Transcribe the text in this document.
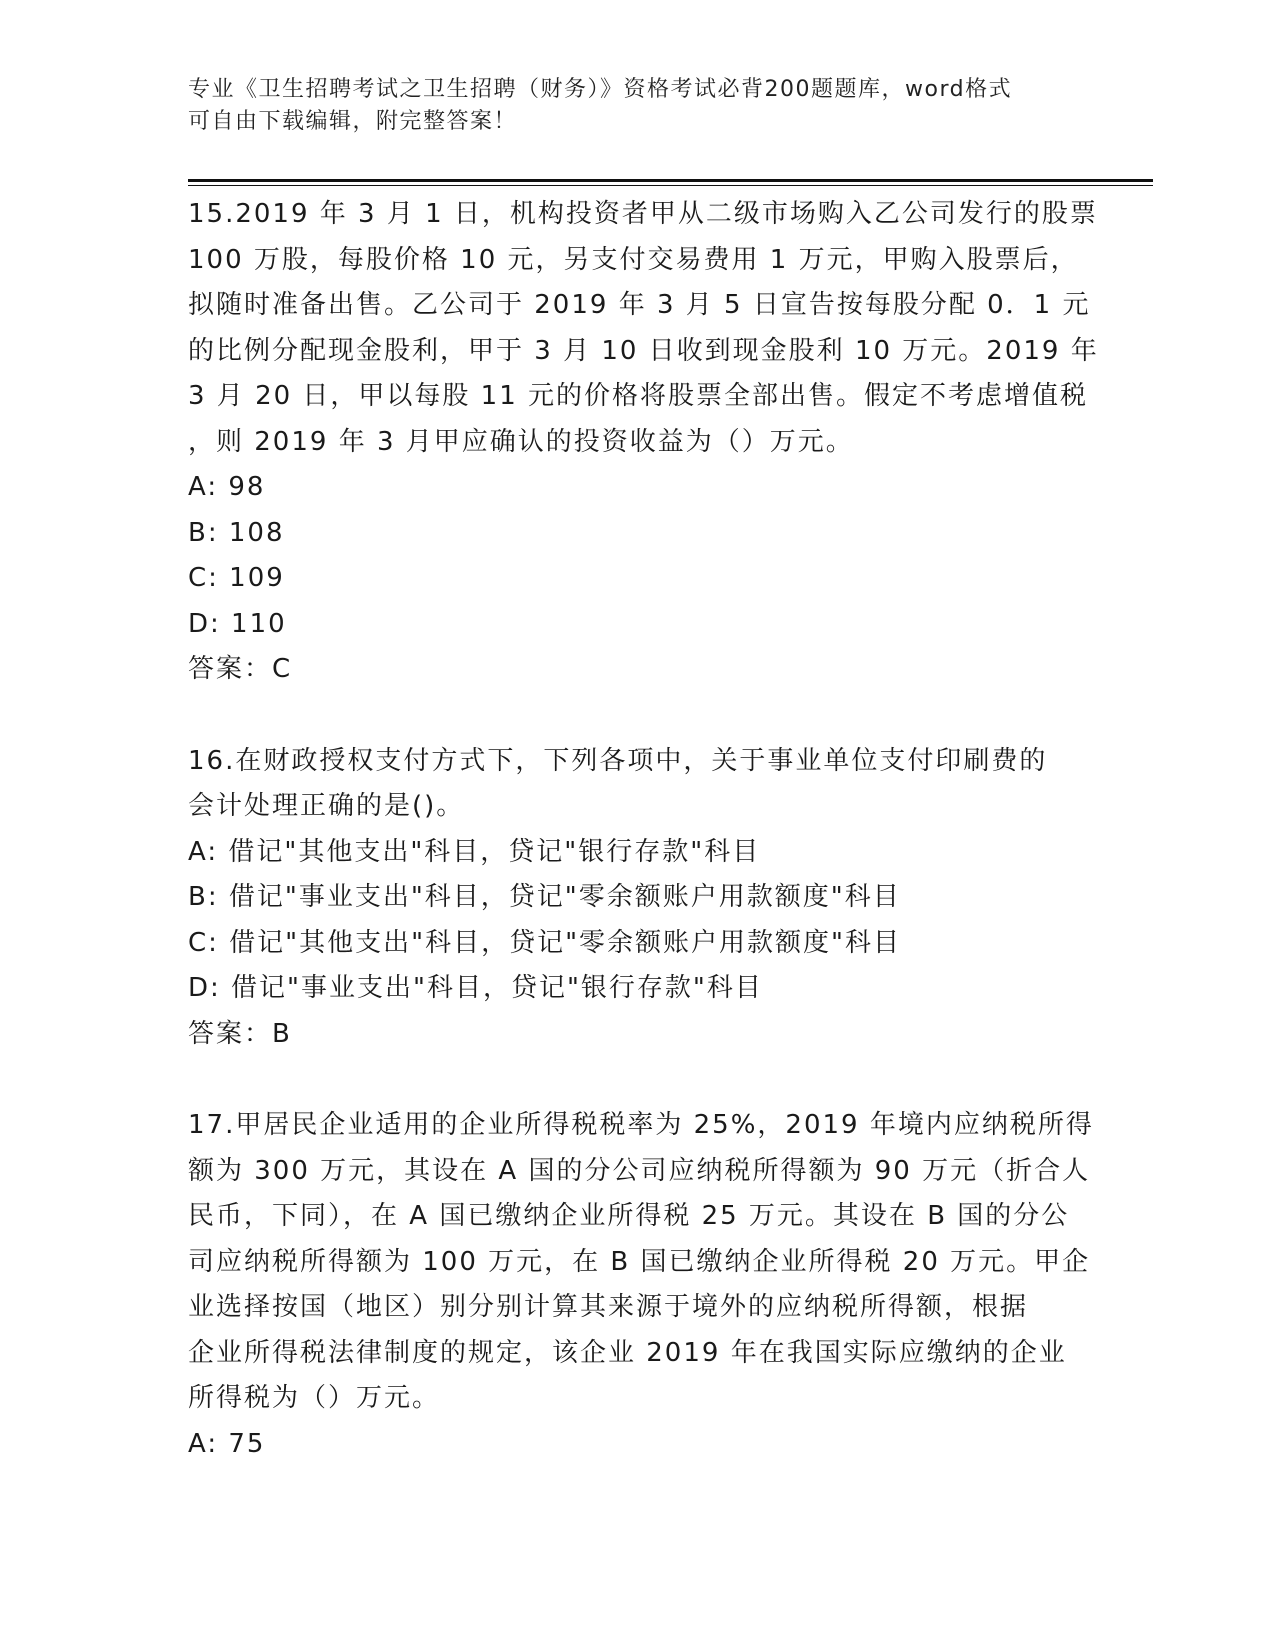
专业《卫生招聘考试之卫生招聘（财务）》资格考试必背200题题库，word格式
可自由下载编辑，附完整答案！
15.2019 年 3 月 1 日，机构投资者甲从二级市场购入乙公司发行的股票
100 万股，每股价格 10 元，另支付交易费用 1 万元，甲购入股票后，
拟随时准备出售。乙公司于 2019 年 3 月 5 日宣告按每股分配 0．1 元
的比例分配现金股利，甲于 3 月 10 日收到现金股利 10 万元。2019 年
3 月 20 日，甲以每股 11 元的价格将股票全部出售。假定不考虑增值税
，则 2019 年 3 月甲应确认的投资收益为（）万元。
A: 98
B: 108
C: 109
D: 110
答案：C
16.在财政授权支付方式下，下列各项中，关于事业单位支付印刷费的
会计处理正确的是()。
A: 借记"其他支出"科目，贷记"银行存款"科目
B: 借记"事业支出"科目，贷记"零余额账户用款额度"科目
C: 借记"其他支出"科目，贷记"零余额账户用款额度"科目
D: 借记"事业支出"科目，贷记"银行存款"科目
答案：B
17.甲居民企业适用的企业所得税税率为 25%，2019 年境内应纳税所得
额为 300 万元，其设在 A 国的分公司应纳税所得额为 90 万元（折合人
民币，下同），在 A 国已缴纳企业所得税 25 万元。其设在 B 国的分公
司应纳税所得额为 100 万元，在 B 国已缴纳企业所得税 20 万元。甲企
业选择按国（地区）别分别计算其来源于境外的应纳税所得额，根据
企业所得税法律制度的规定，该企业 2019 年在我国实际应缴纳的企业
所得税为（）万元。
A: 75
